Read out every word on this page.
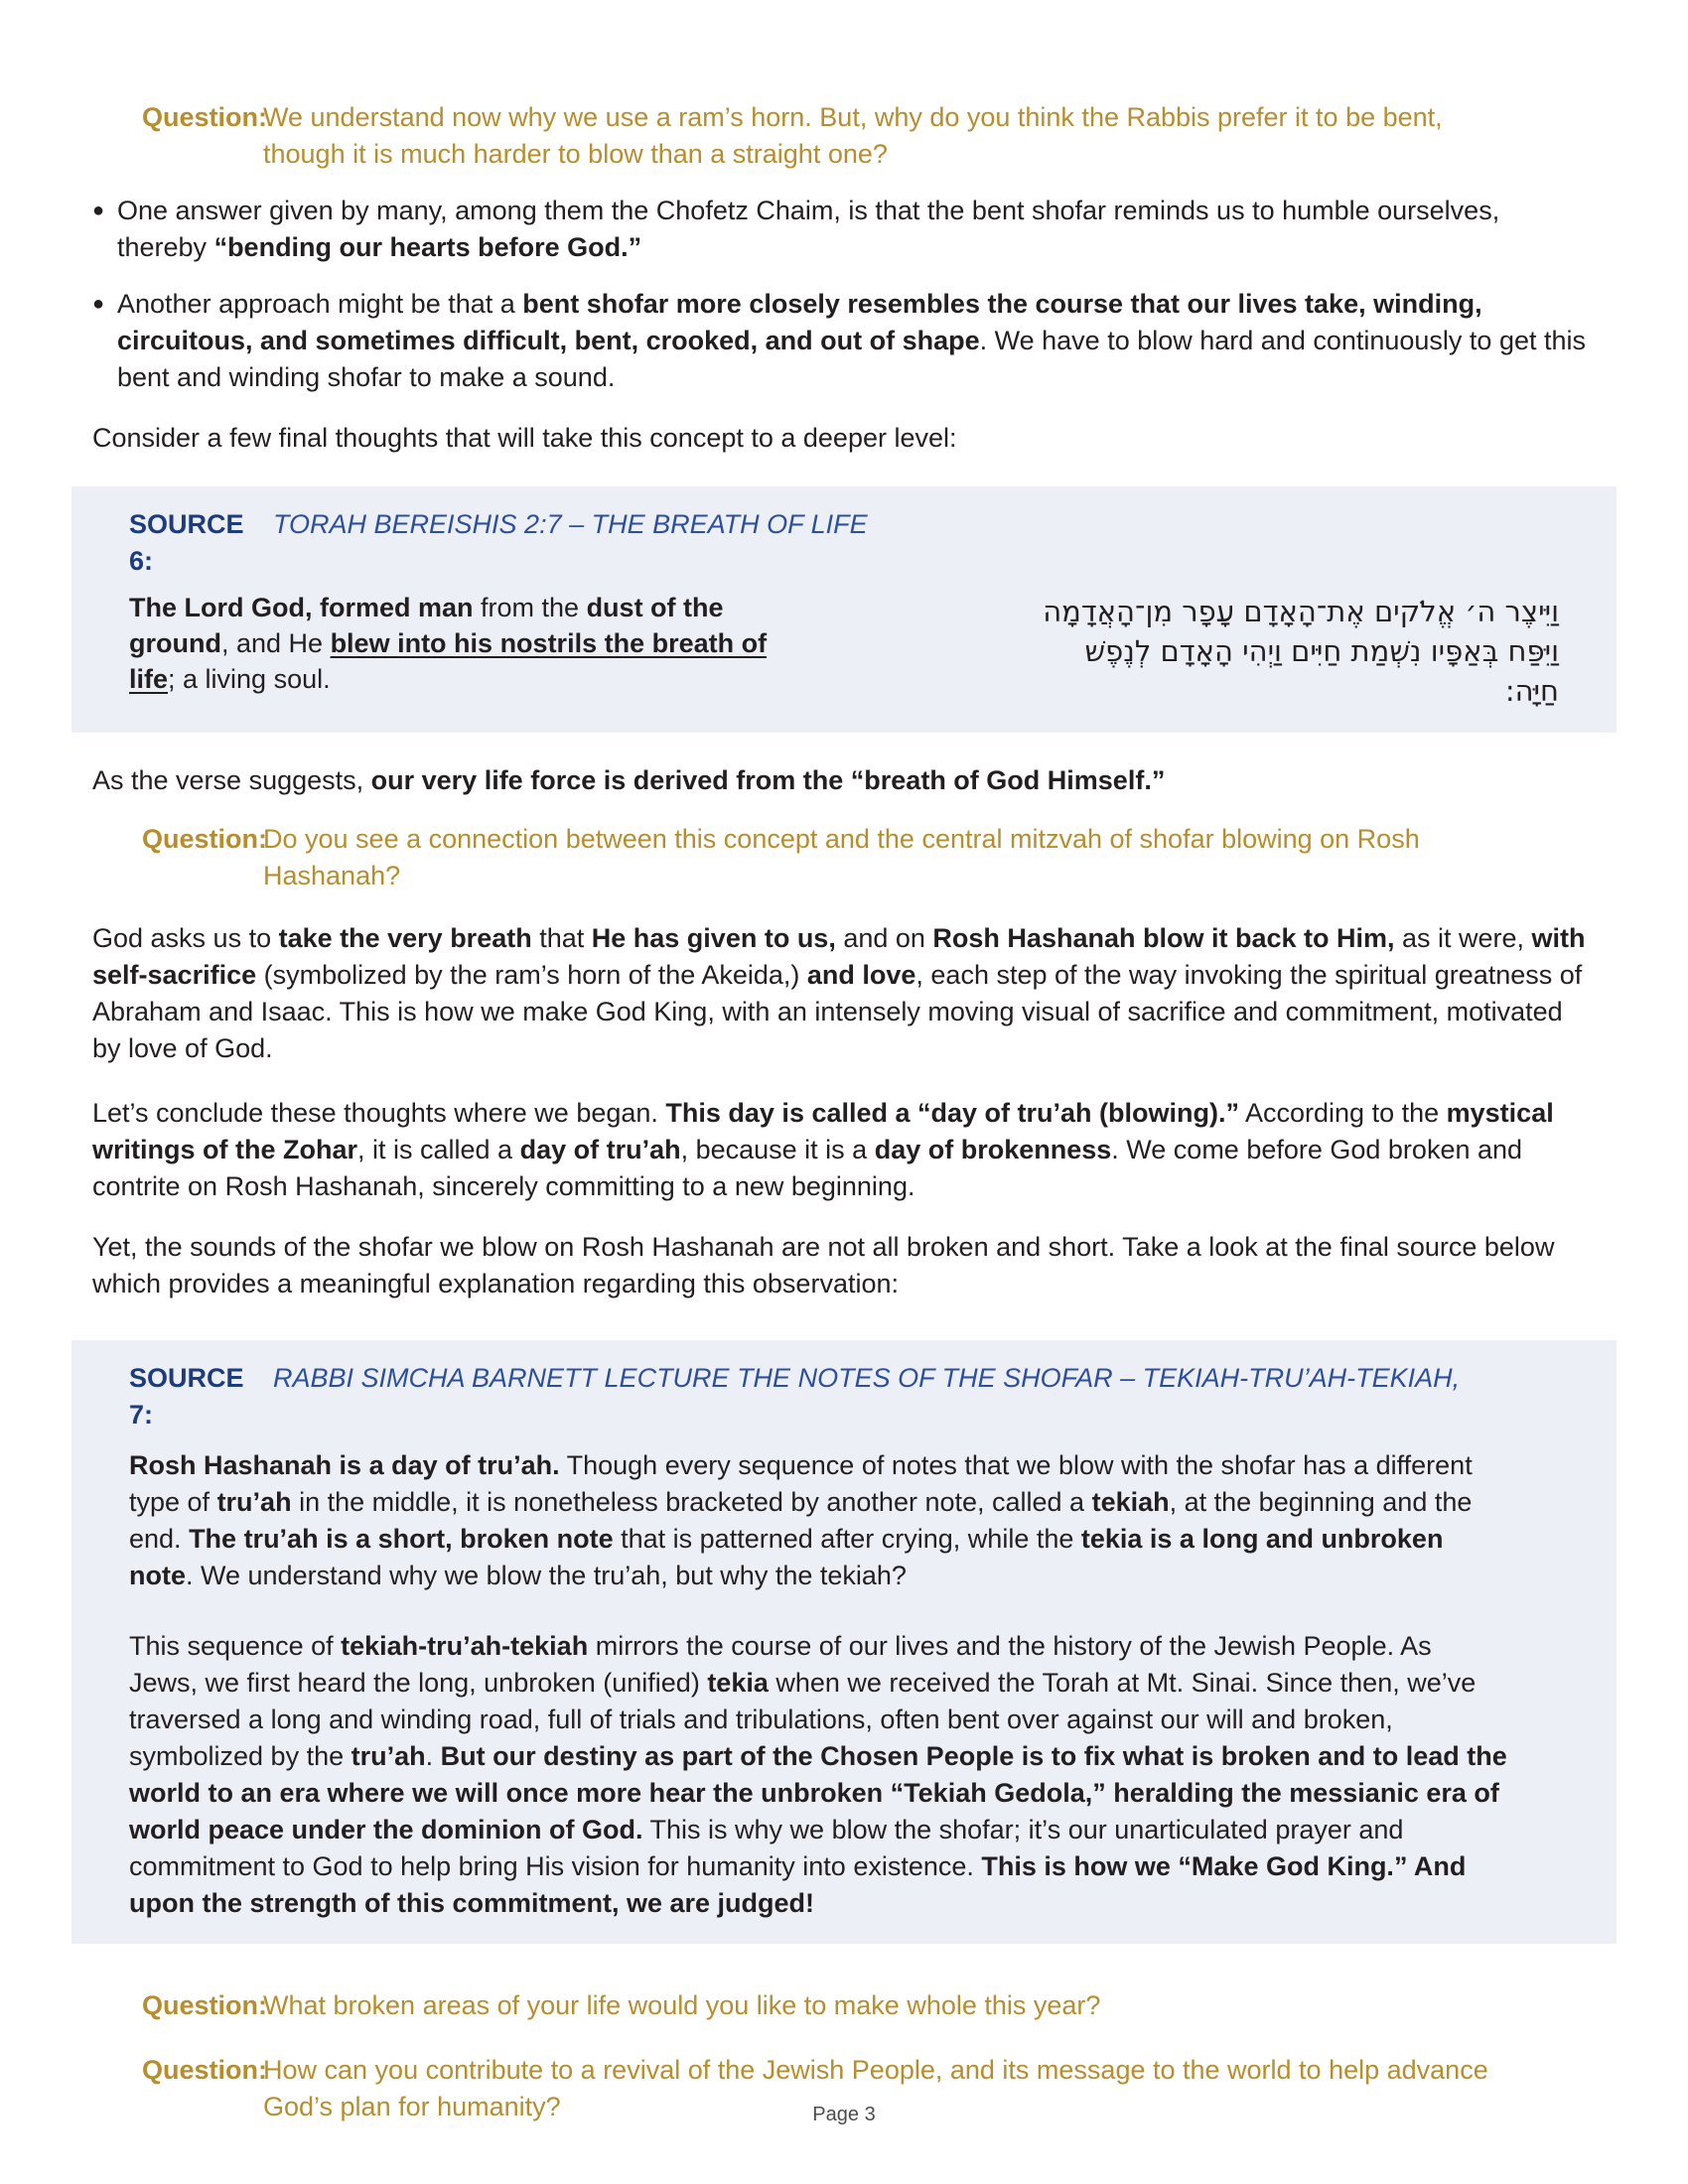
Question:
We understand now why we use a ram’s horn. But, why do you think the Rabbis prefer it to be bent, though it is much harder to blow than a straight one?
● One answer given by many, among them the Chofetz Chaim, is that the bent shofar reminds us to humble ourselves, thereby “bending our hearts before God.”
● Another approach might be that a bent shofar more closely resembles the course that our lives take, winding, circuitous, and sometimes difficult, bent, crooked, and out of shape. We have to blow hard and continuously to get this bent and winding shofar to make a sound.
Consider a few final thoughts that will take this concept to a deeper level:
SOURCE 6:
TORAH BEREISHIS 2:7 – THE BREATH OF LIFE
The Lord God, formed man from the dust of the ground, and He blew into his nostrils the breath of life; a living soul.
וַיִּיצֶר ה׳ אֱלֹקים אֶת־הָאָדָם עָפָר מִן־הָאֲדָמָה וַיִּפַּח בְּאַפָּיו נִשְׁמַת חַיִּים וַיְהִי הָאָדָם לְנֶפֶשׁ חַיָּה:
As the verse suggests, our very life force is derived from the “breath of God Himself.”
Question:
Do you see a connection between this concept and the central mitzvah of shofar blowing on Rosh Hashanah?
God asks us to take the very breath that He has given to us, and on Rosh Hashanah blow it back to Him, as it were, with self-sacrifice (symbolized by the ram’s horn of the Akeida,) and love, each step of the way invoking the spiritual greatness of Abraham and Isaac. This is how we make God King, with an intensely moving visual of sacrifice and commitment, motivated by love of God.
Let’s conclude these thoughts where we began. This day is called a “day of tru’ah (blowing).” According to the mystical writings of the Zohar, it is called a day of tru’ah, because it is a day of brokenness. We come before God broken and contrite on Rosh Hashanah, sincerely committing to a new beginning.
Yet, the sounds of the shofar we blow on Rosh Hashanah are not all broken and short. Take a look at the final source below which provides a meaningful explanation regarding this observation:
SOURCE 7:
RABBI SIMCHA BARNETT LECTURE THE NOTES OF THE SHOFAR – TEKIAH-TRU’AH-TEKIAH,
Rosh Hashanah is a day of tru’ah. Though every sequence of notes that we blow with the shofar has a different type of tru’ah in the middle, it is nonetheless bracketed by another note, called a tekiah, at the beginning and the end. The tru’ah is a short, broken note that is patterned after crying, while the tekia is a long and unbroken note. We understand why we blow the tru’ah, but why the tekiah?
This sequence of tekiah-tru’ah-tekiah mirrors the course of our lives and the history of the Jewish People. As Jews, we first heard the long, unbroken (unified) tekia when we received the Torah at Mt. Sinai. Since then, we’ve traversed a long and winding road, full of trials and tribulations, often bent over against our will and broken, symbolized by the tru’ah. But our destiny as part of the Chosen People is to fix what is broken and to lead the world to an era where we will once more hear the unbroken “Tekiah Gedola,” heralding the messianic era of world peace under the dominion of God. This is why we blow the shofar; it’s our unarticulated prayer and commitment to God to help bring His vision for humanity into existence. This is how we “Make God King.” And upon the strength of this commitment, we are judged!
Question:
What broken areas of your life would you like to make whole this year?
Question:
How can you contribute to a revival of the Jewish People, and its message to the world to help advance God’s plan for humanity?	Page 3
